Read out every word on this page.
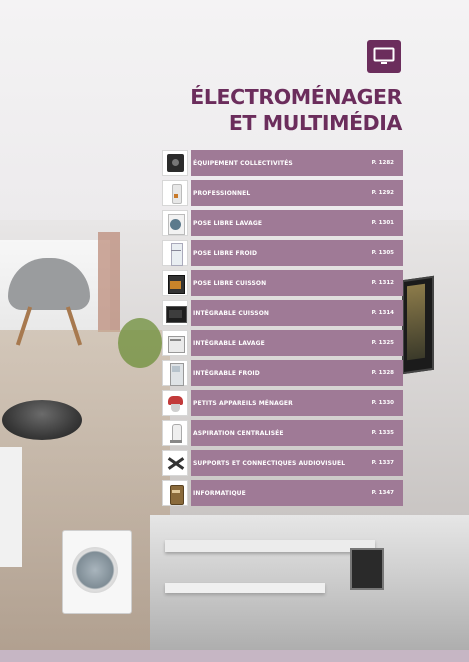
ÉLECTROMÉNAGER
ET MULTIMÉDIA
ÉQUIPEMENT COLLECTIVITÉS	P. 1282
PROFESSIONNEL	P. 1292
POSE LIBRE LAVAGE	P. 1301
POSE LIBRE FROID	P. 1305
POSE LIBRE CUISSON	P. 1312
INTÉGRABLE CUISSON	P. 1314
INTÉGRABLE LAVAGE	P. 1325
INTÉGRABLE FROID	P. 1328
PETITS APPAREILS MÉNAGER	P. 1330
ASPIRATION CENTRALISÉE	P. 1335
SUPPORTS ET CONNECTIQUES AUDIOVISUEL	P. 1337
INFORMATIQUE	P. 1347
